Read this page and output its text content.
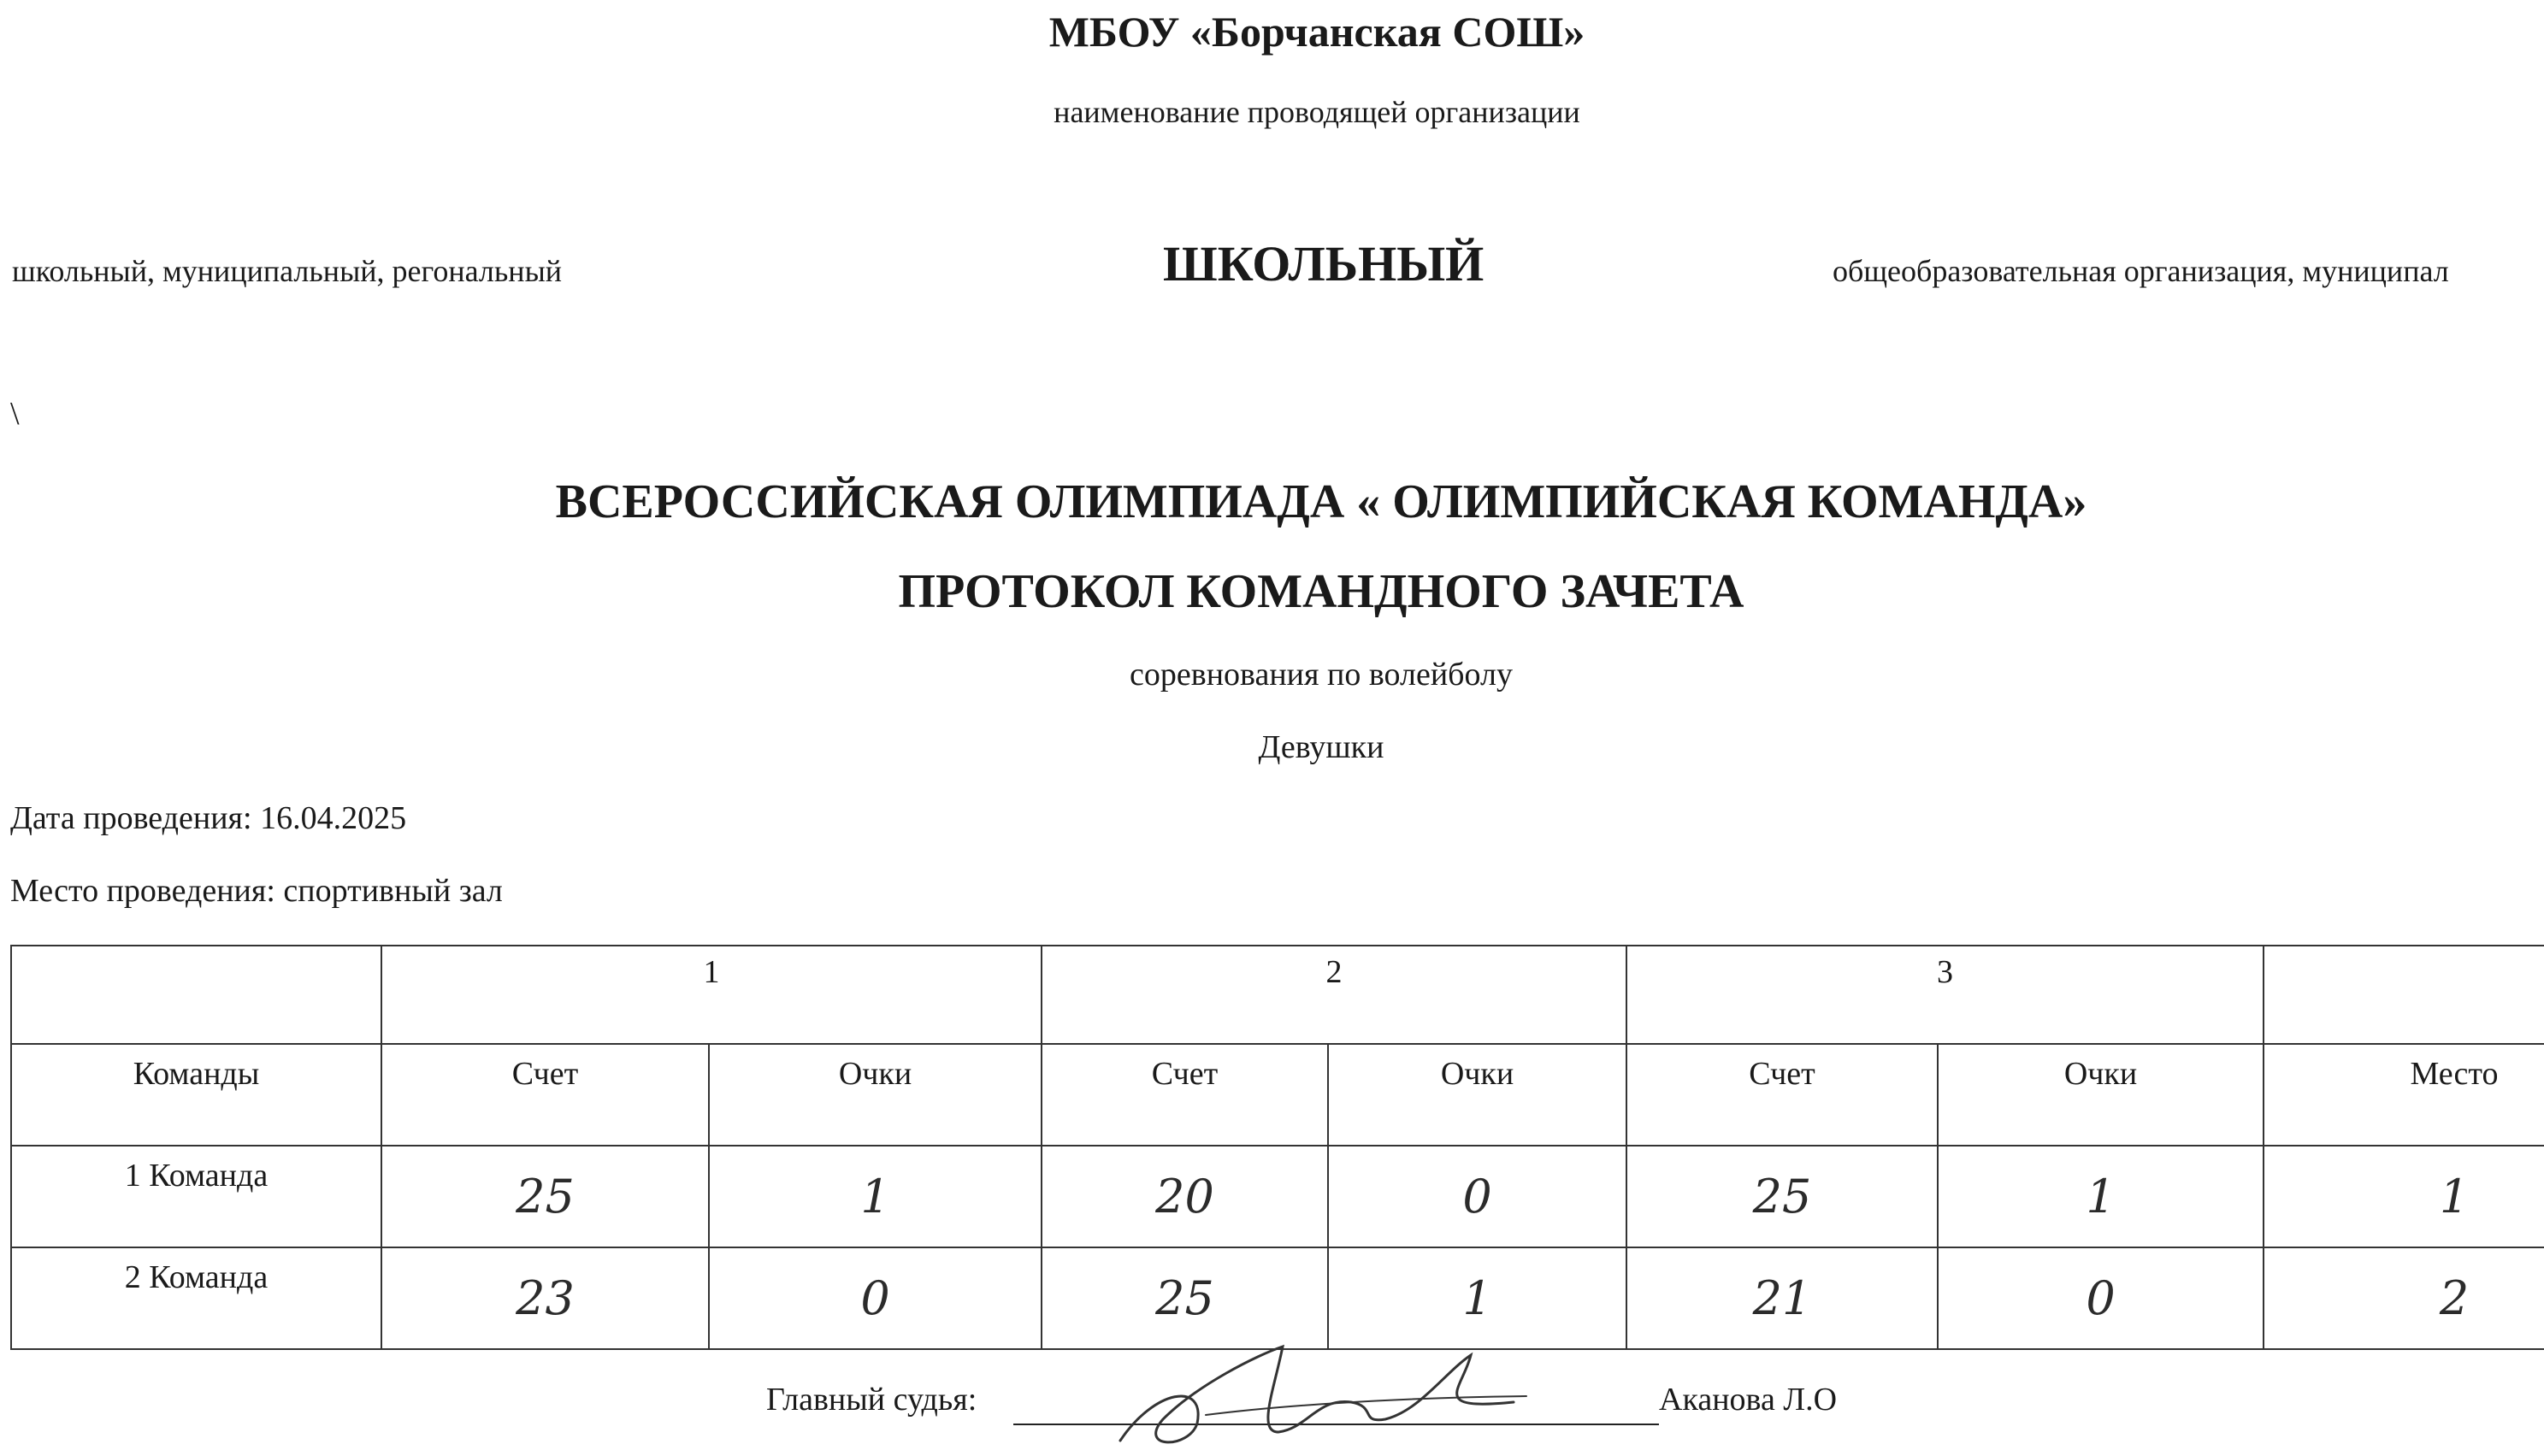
МБОУ «Борчанская СОШ»
наименование проводящей организации
школьный, муниципальный, регональный	ШКОЛЬНЫЙ	общеобразовательная организация, муниципал
\
ВСЕРОССИЙСКАЯ ОЛИМПИАДА « ОЛИМПИЙСКАЯ КОМАНДА»
ПРОТОКОЛ КОМАНДНОГО ЗАЧЕТА
соревнования по волейболу
Девушки
Дата проведения: 16.04.2025
Место проведения: спортивный зал
	1		2		3		
Команды	Счет	Очки	Счет	Очки	Счет	Очки	Место
1 Команда	25	1	20	0	25	1	1
2 Команда	23	0	25	1	21	0	2
Главный судья:	Аканова Л.О
